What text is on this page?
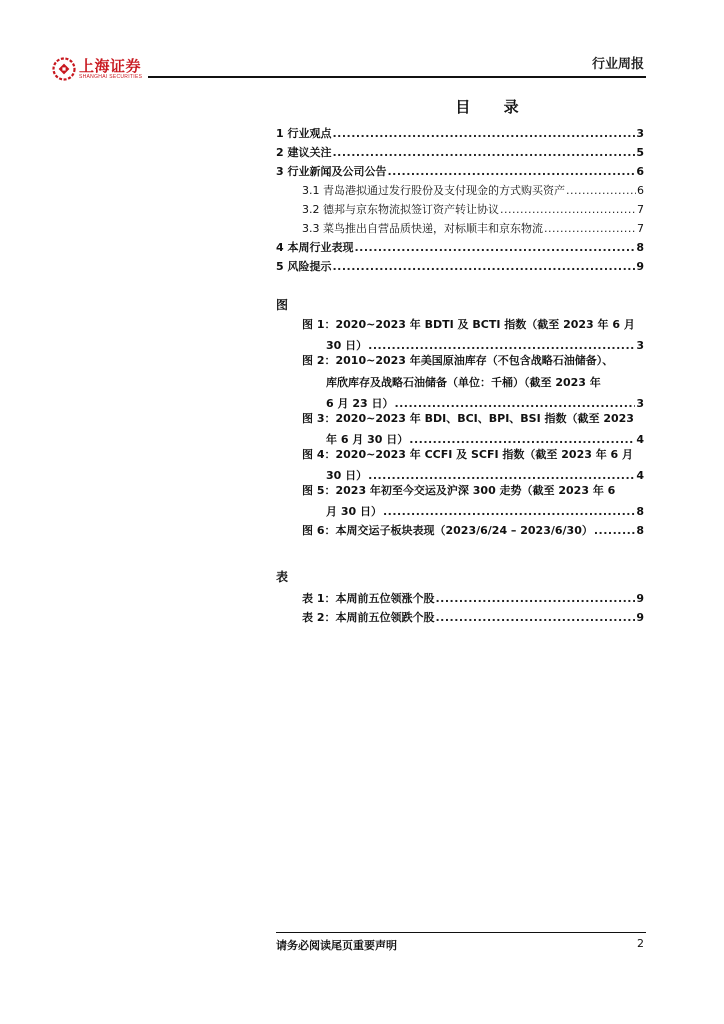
上海证券
SHANGHAI SECURITIES
行业周报
目 录
1 行业观点 .....	3
2 建议关注 .....	5
3 行业新闻及公司公告 .....	6
3.1 青岛港拟通过发行股份及支付现金的方式购买资产 .....	6
3.2 德邦与京东物流拟签订资产转让协议 .....	7
3.3 菜鸟推出自营品质快递，对标顺丰和京东物流 .....	7
4 本周行业表现 .....	8
5 风险提示 .....	9
图
图 1：2020~2023 年 BDTI 及 BCTI 指数（截至 2023 年 6 月
30 日） .....	3
图 2：2010~2023 年美国原油库存（不包含战略石油储备）、
库欣库存及战略石油储备（单位：千桶）（截至 2023 年
6 月 23 日） .....	3
图 3：2020~2023 年 BDI、BCI、BPI、BSI 指数（截至 2023
年 6 月 30 日） .....	4
图 4：2020~2023 年 CCFI 及 SCFI 指数（截至 2023 年 6 月
30 日） .....	4
图 5：2023 年初至今交运及沪深 300 走势（截至 2023 年 6
月 30 日） .....	8
图 6：本周交运子板块表现（2023/6/24 – 2023/6/30） .....	8
表
表 1：本周前五位领涨个股 .....	9
表 2：本周前五位领跌个股 .....	9
请务必阅读尾页重要声明	2
